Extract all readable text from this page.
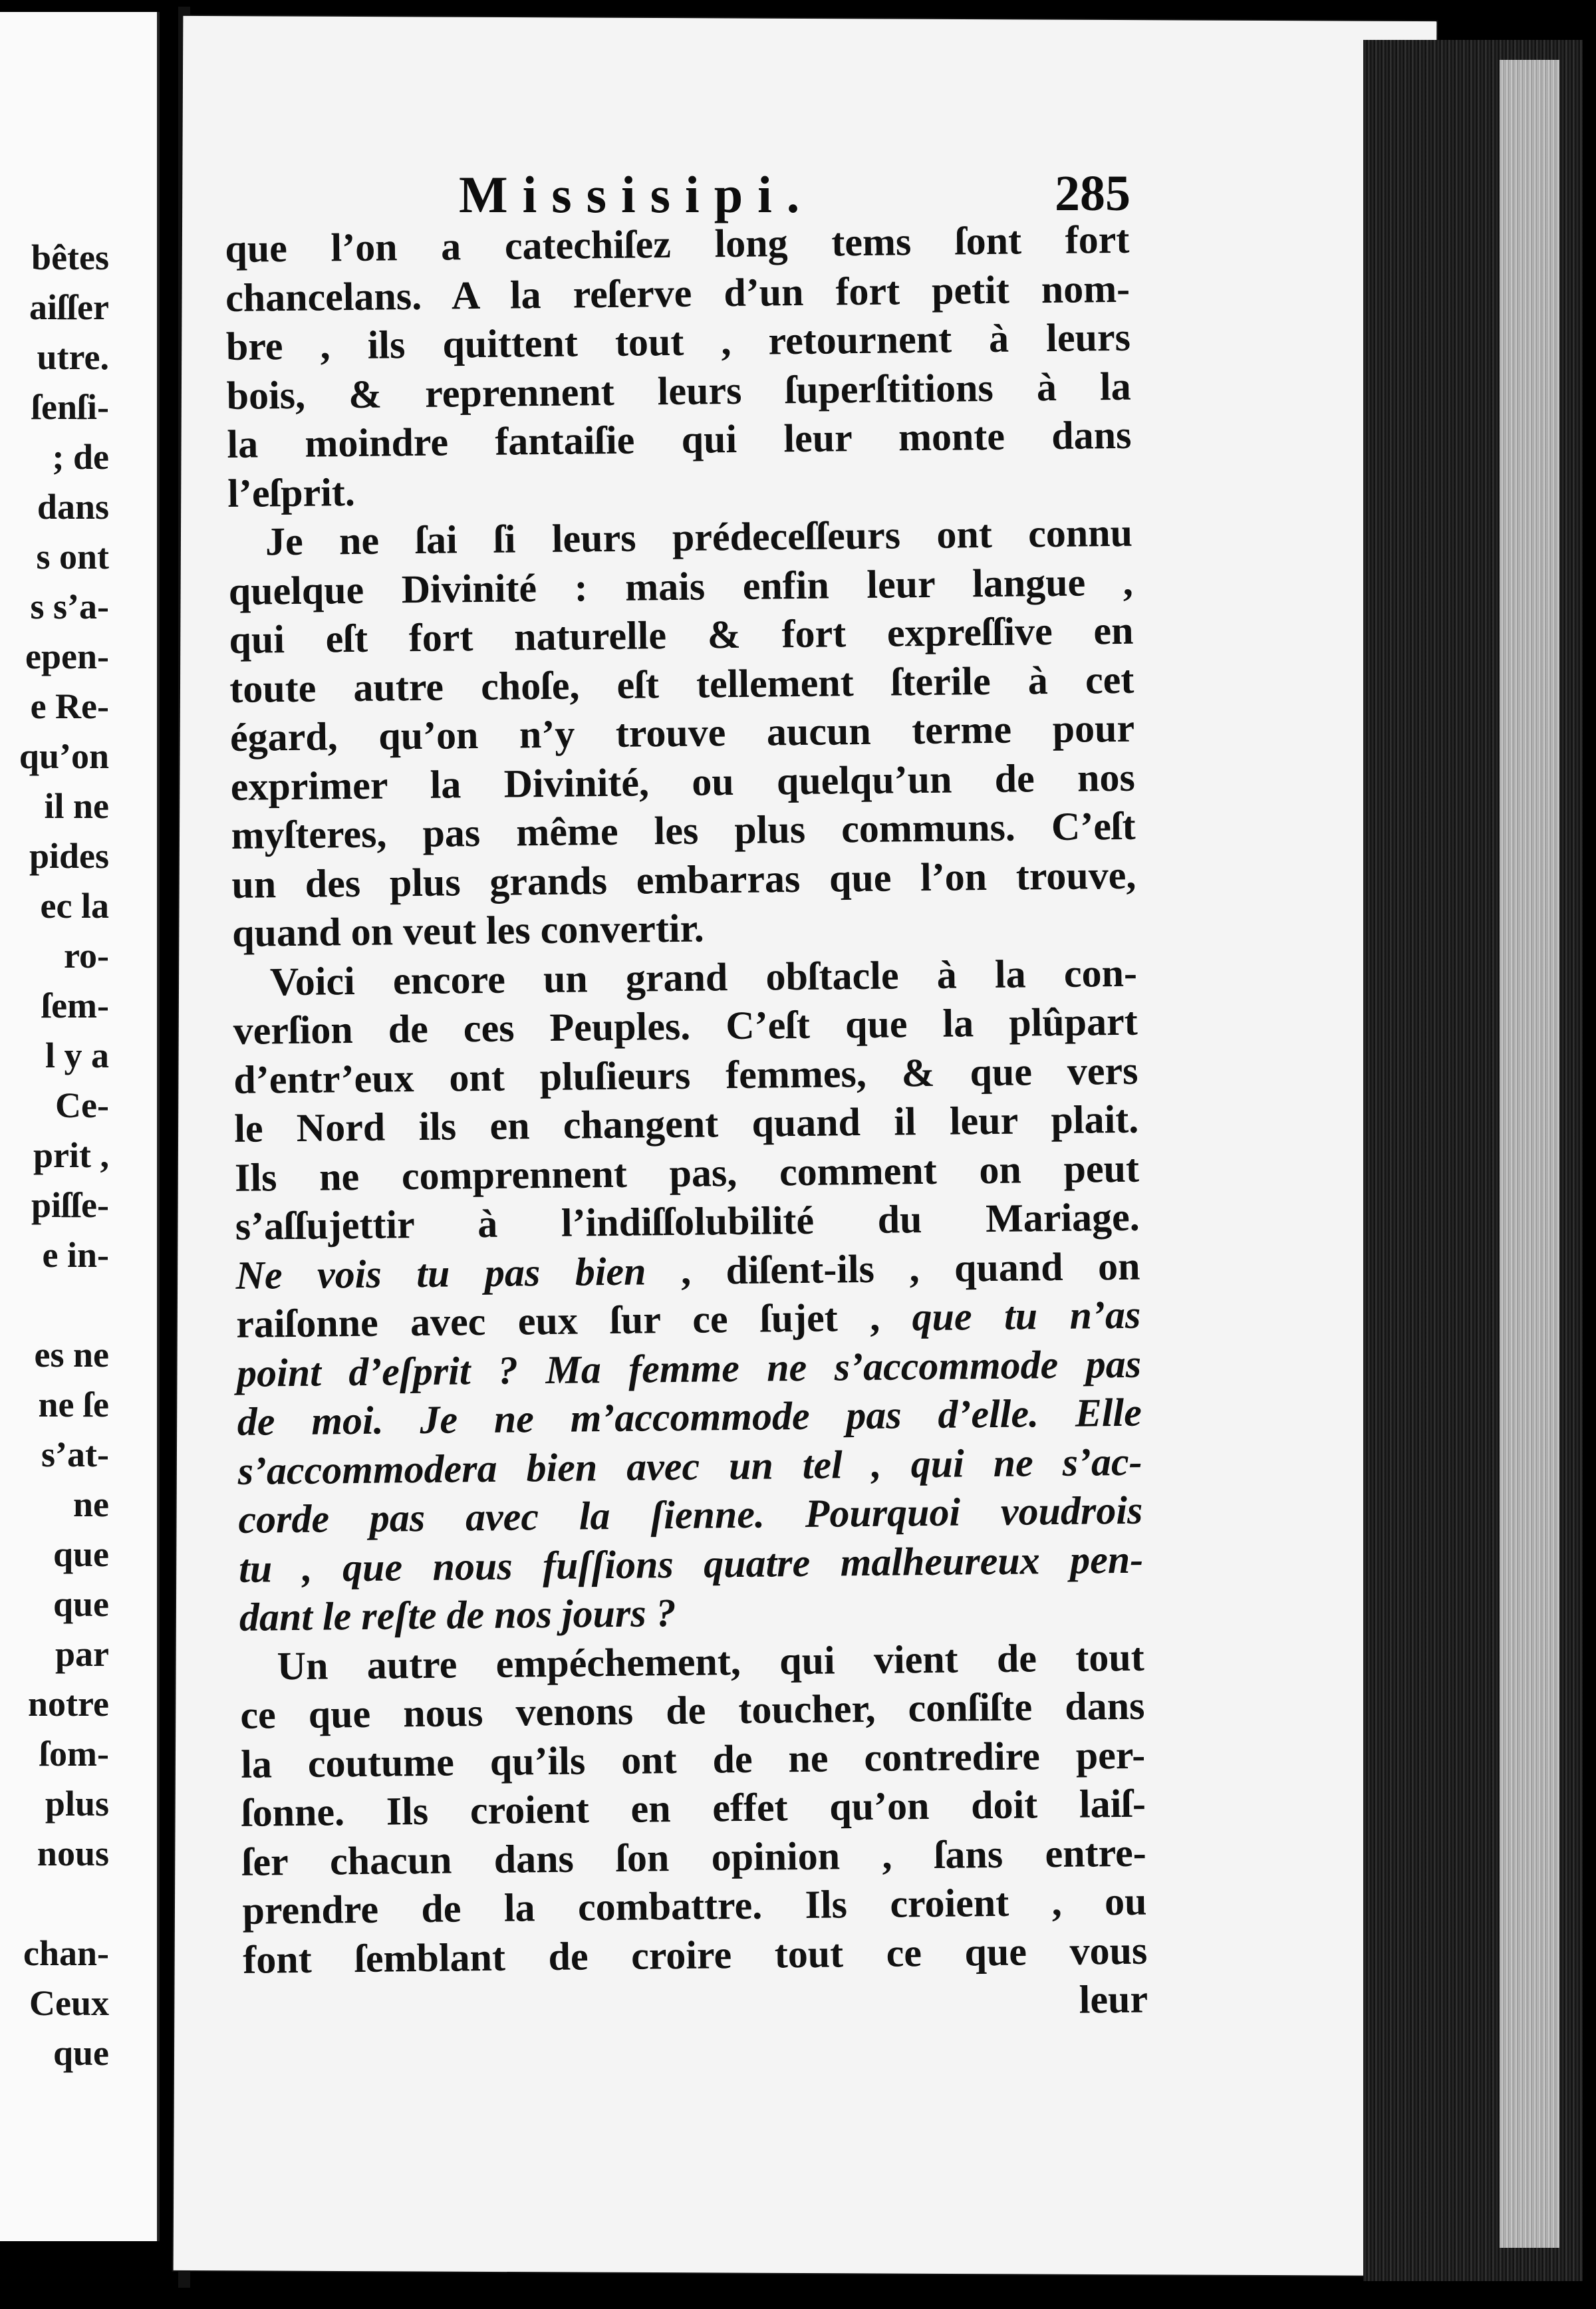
bêtes
aiſſer
utre.
ſenſi-
; de
dans
s ont
s s’a-
epen-
e Re-
qu’on
il ne
pides
ec la
ro-
ſem-
l y a
Ce-
prit ,
piſſe-
e in-

es ne
ne ſe
s’at-
ne
que
que
par
notre
ſom-
plus
nous

chan-
Ceux
que
Missisipi.	285

que l’on a catechiſez long tems ſont fort
chancelans. A la reſerve d’un fort petit nom-
bre , ils quittent tout , retournent à leurs
bois, & reprennent leurs ſuperſtitions à la
la moindre fantaiſie qui leur monte dans
l’eſprit.

Je ne ſai ſi leurs prédeceſſeurs ont connu
quelque Divinité : mais enfin leur langue ,
qui eſt fort naturelle & fort expreſſive en
toute autre choſe, eſt tellement ſterile à cet
égard, qu’on n’y trouve aucun terme pour
exprimer la Divinité, ou quelqu’un de nos
myſteres, pas même les plus communs. C’eſt
un des plus grands embarras que l’on trouve,
quand on veut les convertir.

Voici encore un grand obſtacle à la con-
verſion de ces Peuples. C’eſt que la plûpart
d’entr’eux ont pluſieurs femmes, & que vers
le Nord ils en changent quand il leur plait.
Ils ne comprennent pas, comment on peut
s’aſſujettir à l’indiſſolubilité du Mariage.
Ne vois tu pas bien , diſent-ils , quand on
raiſonne avec eux ſur ce ſujet , que tu n’as
point d’eſprit ? Ma femme ne s’accommode pas
de moi. Je ne m’accommode pas d’elle. Elle
s’accommodera bien avec un tel , qui ne s’ac-
corde pas avec la ſienne. Pourquoi voudrois
tu , que nous fuſſions quatre malheureux pen-
dant le reſte de nos jours ?

Un autre empéchement, qui vient de tout
ce que nous venons de toucher, conſiſte dans
la coutume qu’ils ont de ne contredire per-
ſonne. Ils croient en effet qu’on doit laiſ-
ſer chacun dans ſon opinion , ſans entre-
prendre de la combattre. Ils croient , ou
font ſemblant de croire tout ce que vous
leur
